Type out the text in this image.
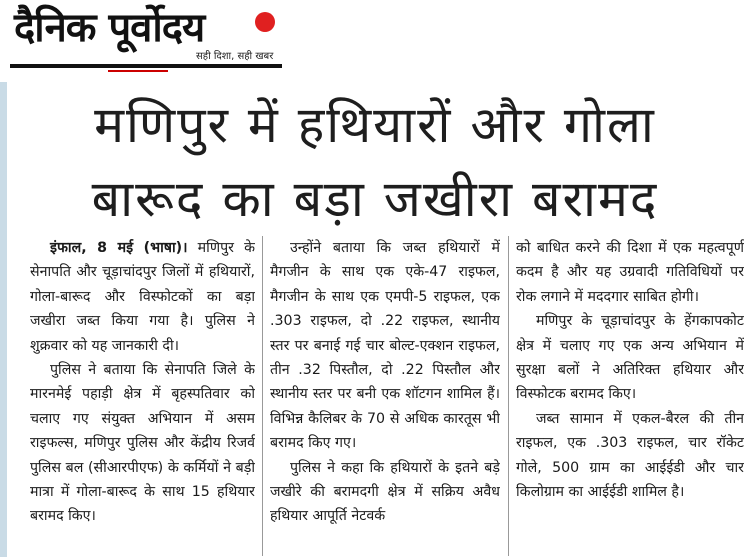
दैनिक पूर्वोदय
सही दिशा, सही खबर
मणिपुर में हथियारों और गोला
बारूद का बड़ा जखीरा बरामद

इंफाल, 8 मई (भाषा)। मणिपुर के सेनापति और चूड़ाचांदपुर जिलों में हथियारों, गोला-बारूद और विस्फोटकों का बड़ा जखीरा जब्त किया गया है। पुलिस ने शुक्रवार को यह जानकारी दी।

पुलिस ने बताया कि सेनापति जिले के मारनमेई पहाड़ी क्षेत्र में बृहस्पतिवार को चलाए गए संयुक्त अभियान में असम राइफल्स, मणिपुर पुलिस और केंद्रीय रिजर्व पुलिस बल (सीआरपीएफ) के कर्मियों ने बड़ी मात्रा में गोला-बारूद के साथ 15 हथियार बरामद किए।

उन्होंने बताया कि जब्त हथियारों में मैगजीन के साथ एक एके-47 राइफल, मैगजीन के साथ एक एमपी-5 राइफल, एक .303 राइफल, दो .22 राइफल, स्थानीय स्तर पर बनाई गई चार बोल्ट-एक्शन राइफल, तीन .32 पिस्तौल, दो .22 पिस्तौल और स्थानीय स्तर पर बनी एक शॉटगन शामिल हैं। विभिन्न कैलिबर के 70 से अधिक कारतूस भी बरामद किए गए।

पुलिस ने कहा कि हथियारों के इतने बड़े जखीरे की बरामदगी क्षेत्र में सक्रिय अवैध हथियार आपूर्ति नेटवर्क

को बाधित करने की दिशा में एक महत्वपूर्ण कदम है और यह उग्रवादी गतिविधियों पर रोक लगाने में मददगार साबित होगी।

मणिपुर के चूड़ाचांदपुर के हेंगकापकोट क्षेत्र में चलाए गए एक अन्य अभियान में सुरक्षा बलों ने अतिरिक्त हथियार और विस्फोटक बरामद किए।

जब्त सामान में एकल-बैरल की तीन राइफल, एक .303 राइफल, चार रॉकेट गोले, 500 ग्राम का आईईडी और चार किलोग्राम का आईईडी शामिल है।
